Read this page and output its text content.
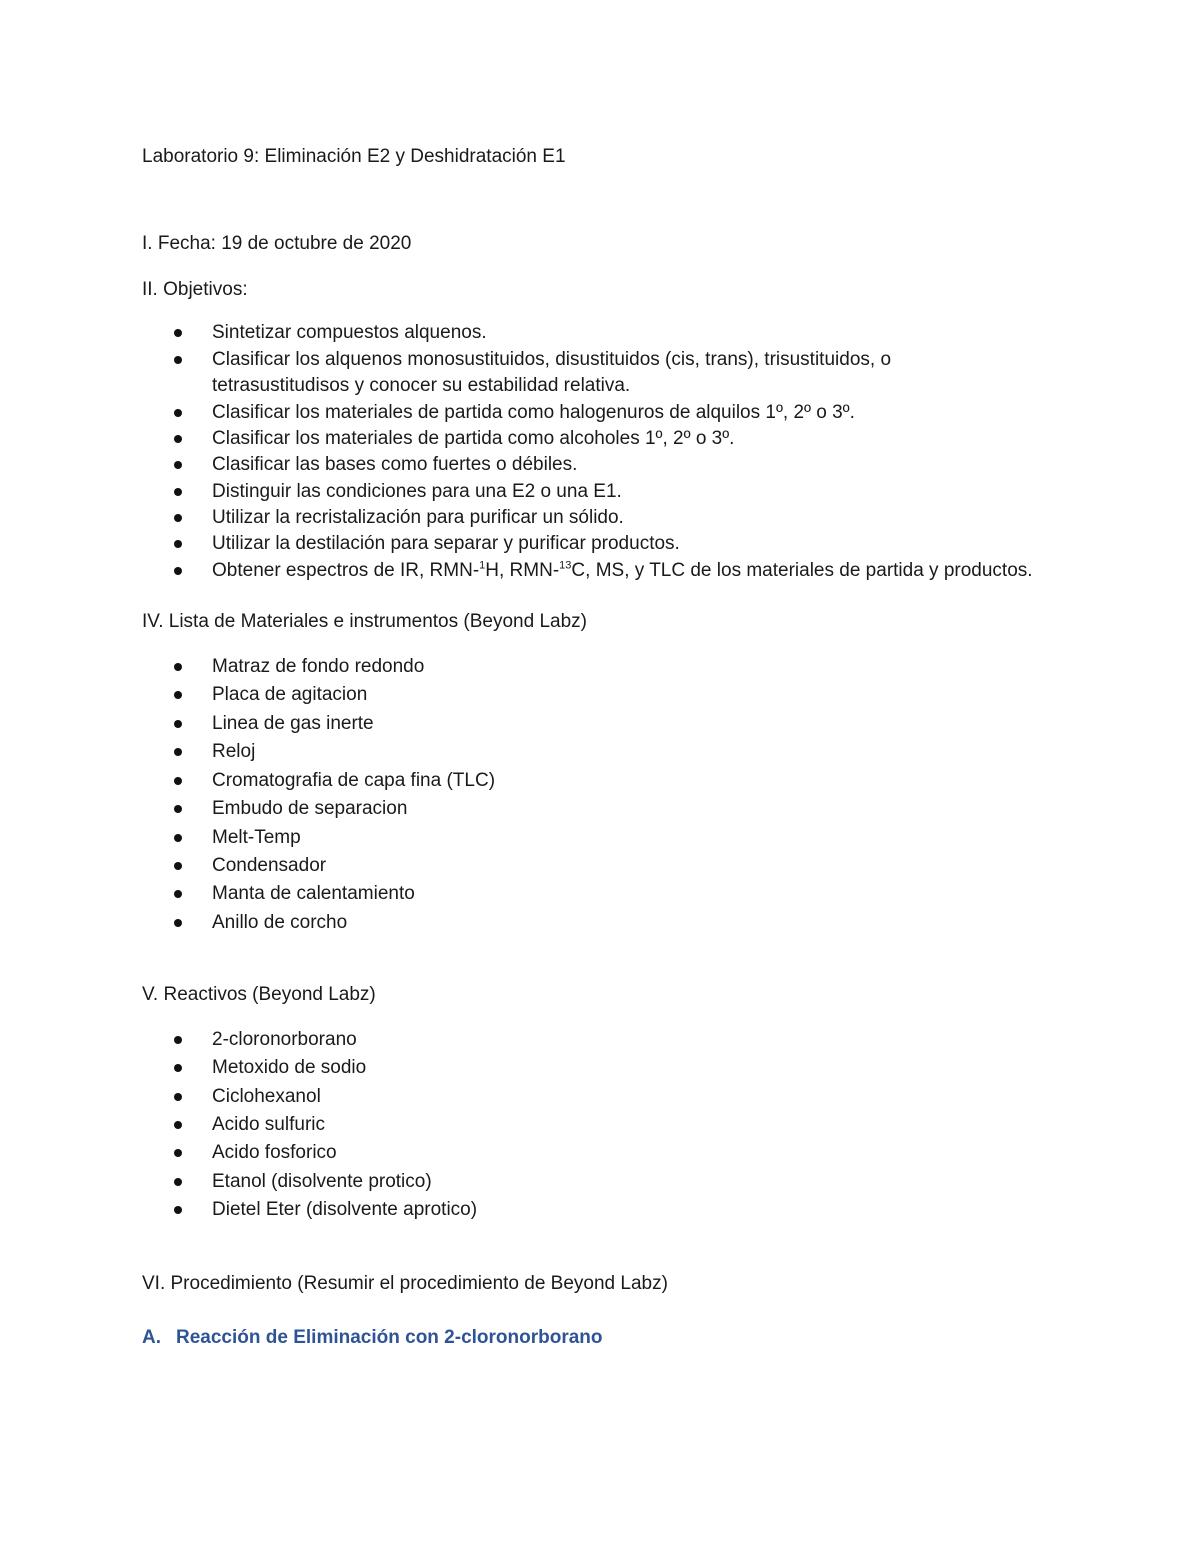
Laboratorio 9: Eliminación E2 y Deshidratación E1
I. Fecha: 19 de octubre de 2020
II. Objetivos:
Sintetizar compuestos alquenos.
Clasificar los alquenos monosustituidos, disustituidos (cis, trans), trisustituidos, o
tetrasustitudisos y conocer su estabilidad relativa.
Clasificar los materiales de partida como halogenuros de alquilos 1º, 2º o 3º.
Clasificar los materiales de partida como alcoholes 1º, 2º o 3º.
Clasificar las bases como fuertes o débiles.
Distinguir las condiciones para una E2 o una E1.
Utilizar la recristalización para purificar un sólido.
Utilizar la destilación para separar y purificar productos.
Obtener espectros de IR, RMN-$^1$H, RMN-$^{13}$C, MS, y TLC de los materiales de partida y productos.
IV. Lista de Materiales e instrumentos (Beyond Labz)
Matraz de fondo redondo
Placa de agitacion
Linea de gas inerte
Reloj
Cromatografia de capa fina (TLC)
Embudo de separacion
Melt-Temp
Condensador
Manta de calentamiento
Anillo de corcho
V. Reactivos (Beyond Labz)
2-cloronorborano
Metoxido de sodio
Ciclohexanol
Acido sulfuric
Acido fosforico
Etanol (disolvente protico)
Dietel Eter (disolvente aprotico)
VI. Procedimiento (Resumir el procedimiento de Beyond Labz)
A. Reacción de Eliminación con 2-cloronorborano
